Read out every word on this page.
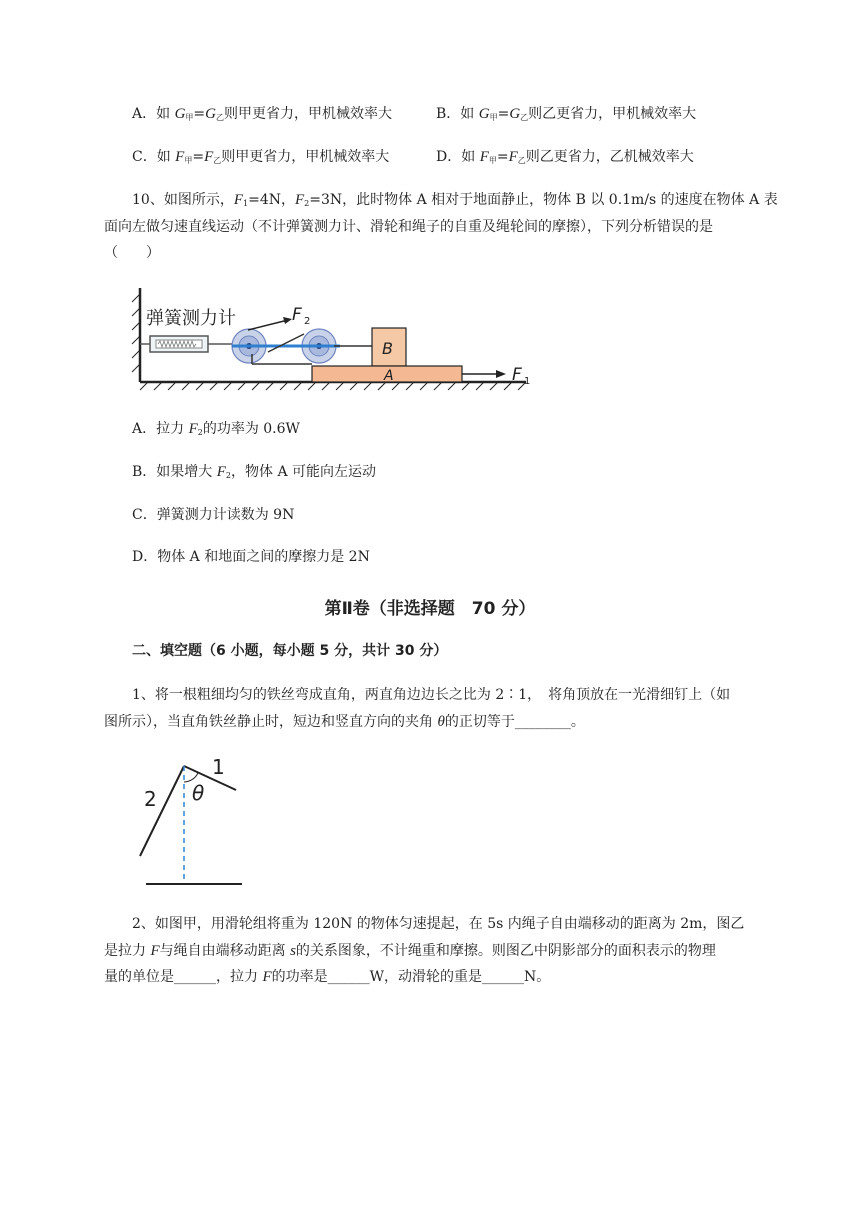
A．如 $G_甲=G_乙$则甲更省力，甲机械效率大	B．如 $G_甲=G_乙$则乙更省力，甲机械效率大
C．如 $F_甲=F_乙$则甲更省力，甲机械效率大	D．如 $F_甲=F_乙$则乙更省力，乙机械效率大
10、如图所示，$F_1=4N$，$F_2=3N$，此时物体 A 相对于地面静止，物体 B 以 0.1m/s 的速度在物体 A 表
面向左做匀速直线运动（不计弹簧测力计、滑轮和绳子的自重及绳轮间的摩擦），下列分析错误的是
（　　）
弹簧测力计	F 2
B
A	F 1
A．拉力 $F_2$的功率为 0.6W
B．如果增大 $F_2$，物体 A 可能向左运动
C．弹簧测力计读数为 9N
D．物体 A 和地面之间的摩擦力是 2N
第Ⅱ卷（非选择题　70 分）
二、填空题（6 小题，每小题 5 分，共计 30 分）
1、将一根粗细均匀的铁丝弯成直角，两直角边边长之比为 2∶1，　将角顶放在一光滑细钉上（如
图所示），当直角铁丝静止时，短边和竖直方向的夹角 θ的正切等于________。
2
1
θ
2、如图甲，用滑轮组将重为 120N 的物体匀速提起，在 5s 内绳子自由端移动的距离为 2m，图乙
是拉力 F与绳自由端移动距离 s的关系图象，不计绳重和摩擦。则图乙中阴影部分的面积表示的物理
量的单位是______，拉力 F的功率是______W，动滑轮的重是______N。
